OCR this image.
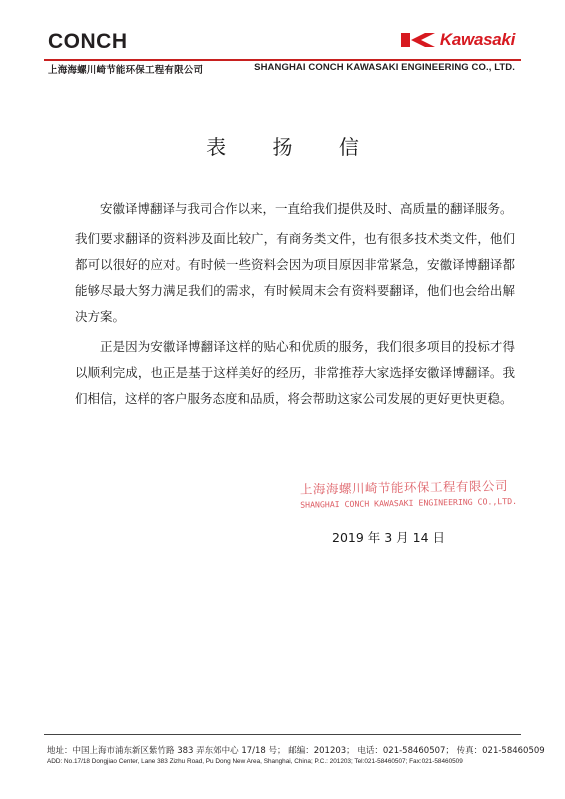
CONCH	Kawasaki
上海海螺川崎节能环保工程有限公司	SHANGHAI CONCH KAWASAKI ENGINEERING CO., LTD.
表 扬 信

安徽译博翻译与我司合作以来，一直给我们提供及时、高质量的翻译服务。

我们要求翻译的资料涉及面比较广，有商务类文件，也有很多技术类文件，他们都可以很好的应对。有时候一些资料会因为项目原因非常紧急，安徽译博翻译都能够尽最大努力满足我们的需求，有时候周末会有资料要翻译，他们也会给出解决方案。

正是因为安徽译博翻译这样的贴心和优质的服务，我们很多项目的投标才得以顺利完成，也正是基于这样美好的经历，非常推荐大家选择安徽译博翻译。我们相信，这样的客户服务态度和品质，将会帮助这家公司发展的更好更快更稳。

上海海螺川崎节能环保工程有限公司
SHANGHAI CONCH KAWASAKI ENGINEERING CO.,LTD.
2019 年 3 月 14 日
地址：中国上海市浦东新区紫竹路 383 弄东郊中心 17/18 号； 邮编：201203； 电话：021-58460507； 传真：021-58460509
ADD: No.17/18 Dongjiao Center, Lane 383 Zizhu Road, Pu Dong New Area, Shanghai, China; P.C.: 201203; Tel:021-58460507; Fax:021-58460509
